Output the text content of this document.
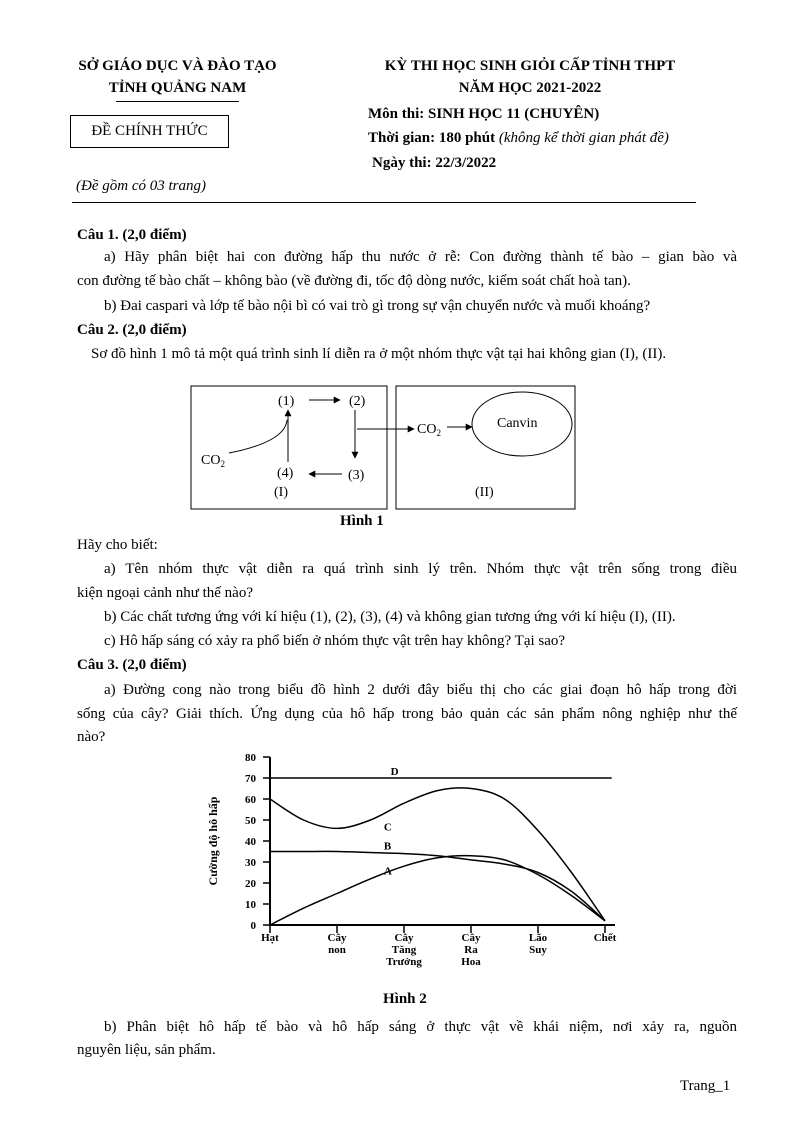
SỞ GIÁO DỤC VÀ ĐÀO TẠO
TỈNH QUẢNG NAM
ĐỀ CHÍNH THỨC
(Đề gồm có 03 trang)
KỲ THI HỌC SINH GIỎI CẤP TỈNH THPT
NĂM HỌC 2021-2022
Môn thi: SINH HỌC 11 (CHUYÊN)
Thời gian: 180 phút (không kể thời gian phát đề)
Ngày thi: 22/3/2022
Câu 1. (2,0 điểm)
a) Hãy phân biệt hai con đường hấp thu nước ở rễ: Con đường thành tế bào – gian bào và
con đường tế bào chất – không bào (về đường đi, tốc độ dòng nước, kiểm soát chất hoà tan).
b) Đai caspari và lớp tế bào nội bì có vai trò gì trong sự vận chuyển nước và muối khoáng?
Câu 2. (2,0 điểm)
Sơ đồ hình 1 mô tả một quá trình sinh lí diễn ra ở một nhóm thực vật tại hai không gian (I), (II).
(1)	(2)
(3)
(4)
(I)	(II)
$CO_2$
$CO_2$
Canvin
Hình 1
Hãy cho biết:
a) Tên nhóm thực vật diễn ra quá trình sinh lý trên. Nhóm thực vật trên sống trong điều
kiện ngoại cảnh như thế nào?
b) Các chất tương ứng với kí hiệu (1), (2), (3), (4) và không gian tương ứng với kí hiệu (I), (II).
c) Hô hấp sáng có xảy ra phổ biến ở nhóm thực vật trên hay không? Tại sao?
Câu 3. (2,0 điểm)
a) Đường cong nào trong biểu đồ hình 2 dưới đây biểu thị cho các giai đoạn hô hấp trong đời
sống của cây? Giải thích. Ứng dụng của hô hấp trong bảo quản các sản phẩm nông nghiệp như thế
nào?
0
10
20
30
40
50
60
70
80
Cường độ hô hấp
Hạt	Cây non
Cây Tăng Trưởng
Cây Ra Hoa
Lão Suy
Chết
A
B
C
D
Hình 2
b) Phân biệt hô hấp tế bào và hô hấp sáng ở thực vật về khái niệm, nơi xảy ra, nguồn
nguyên liệu, sản phẩm.
Trang_1
